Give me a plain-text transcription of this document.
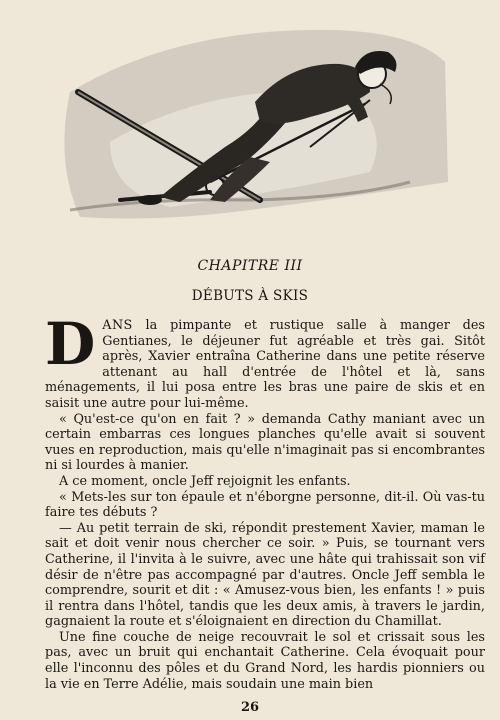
CHAPITRE III
DÉBUTS À SKIS

DANS la pimpante et rustique salle à manger des Gentianes, le déjeuner fut agréable et très gai. Sitôt après, Xavier entraîna Catherine dans une petite réserve attenant au hall d'entrée de l'hôtel et là, sans ménagements, il lui posa entre les bras une paire de skis et en saisit une autre pour lui-même.

« Qu'est-ce qu'on en fait ? » demanda Cathy maniant avec un certain embarras ces longues planches qu'elle avait si souvent vues en reproduction, mais qu'elle n'imaginait pas si encombrantes ni si lourdes à manier.

A ce moment, oncle Jeff rejoignit les enfants.

« Mets-les sur ton épaule et n'éborgne personne, dit-il. Où vas-tu faire tes débuts ?

— Au petit terrain de ski, répondit prestement Xavier, maman le sait et doit venir nous chercher ce soir. » Puis, se tournant vers Catherine, il l'invita à le suivre, avec une hâte qui trahissait son vif désir de n'être pas accompagné par d'autres. Oncle Jeff sembla le comprendre, sourit et dit : « Amusez-vous bien, les enfants ! » puis il rentra dans l'hôtel, tandis que les deux amis, à travers le jardin, gagnaient la route et s'éloignaient en direction du Chamillat.

Une fine couche de neige recouvrait le sol et crissait sous les pas, avec un bruit qui enchantait Catherine. Cela évoquait pour elle l'inconnu des pôles et du Grand Nord, les hardis pionniers ou la vie en Terre Adélie, mais soudain une main bien

26
